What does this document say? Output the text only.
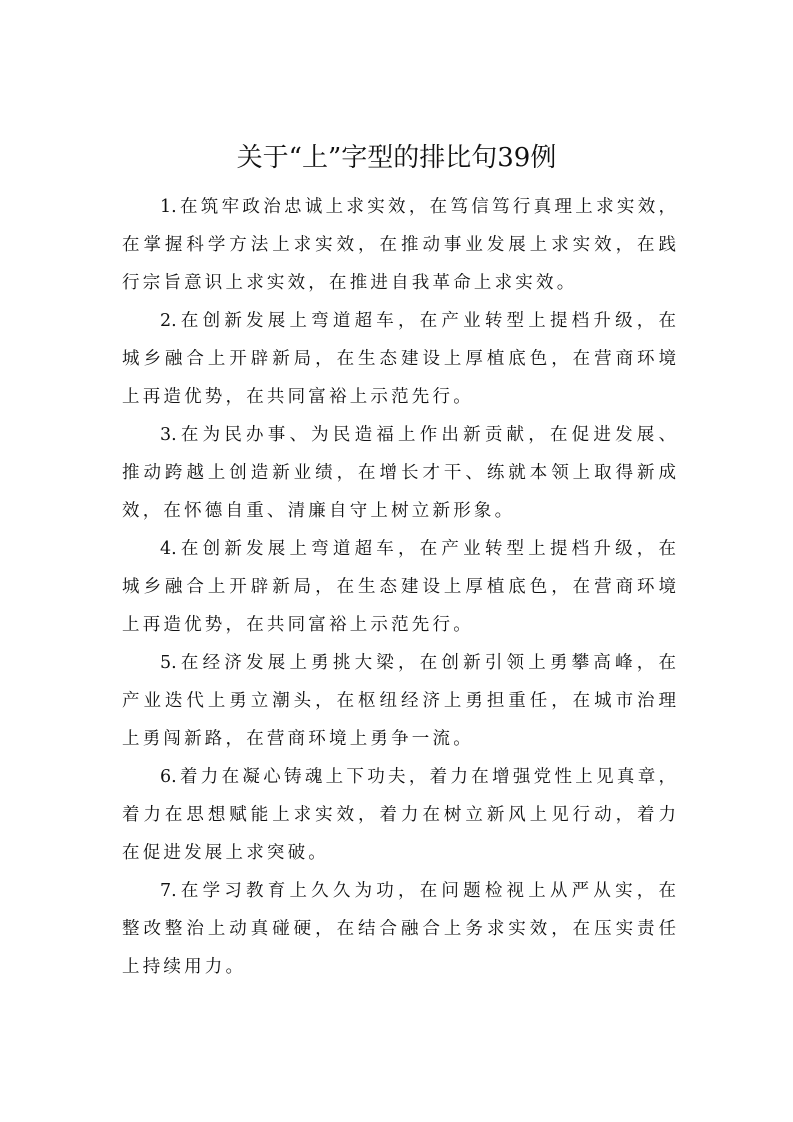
关于“上”字型的排比句39例
1.在筑牢政治忠诚上求实效，在笃信笃行真理上求实效，
在掌握科学方法上求实效，在推动事业发展上求实效，在践
行宗旨意识上求实效，在推进自我革命上求实效。
2.在创新发展上弯道超车，在产业转型上提档升级，在
城乡融合上开辟新局，在生态建设上厚植底色，在营商环境
上再造优势，在共同富裕上示范先行。
3.在为民办事、为民造福上作出新贡献，在促进发展、
推动跨越上创造新业绩，在增长才干、练就本领上取得新成
效，在怀德自重、清廉自守上树立新形象。
4.在创新发展上弯道超车，在产业转型上提档升级，在
城乡融合上开辟新局，在生态建设上厚植底色，在营商环境
上再造优势，在共同富裕上示范先行。
5.在经济发展上勇挑大梁，在创新引领上勇攀高峰，在
产业迭代上勇立潮头，在枢纽经济上勇担重任，在城市治理
上勇闯新路，在营商环境上勇争一流。
6.着力在凝心铸魂上下功夫，着力在增强党性上见真章，
着力在思想赋能上求实效，着力在树立新风上见行动，着力
在促进发展上求突破。
7.在学习教育上久久为功，在问题检视上从严从实，在
整改整治上动真碰硬，在结合融合上务求实效，在压实责任
上持续用力。
